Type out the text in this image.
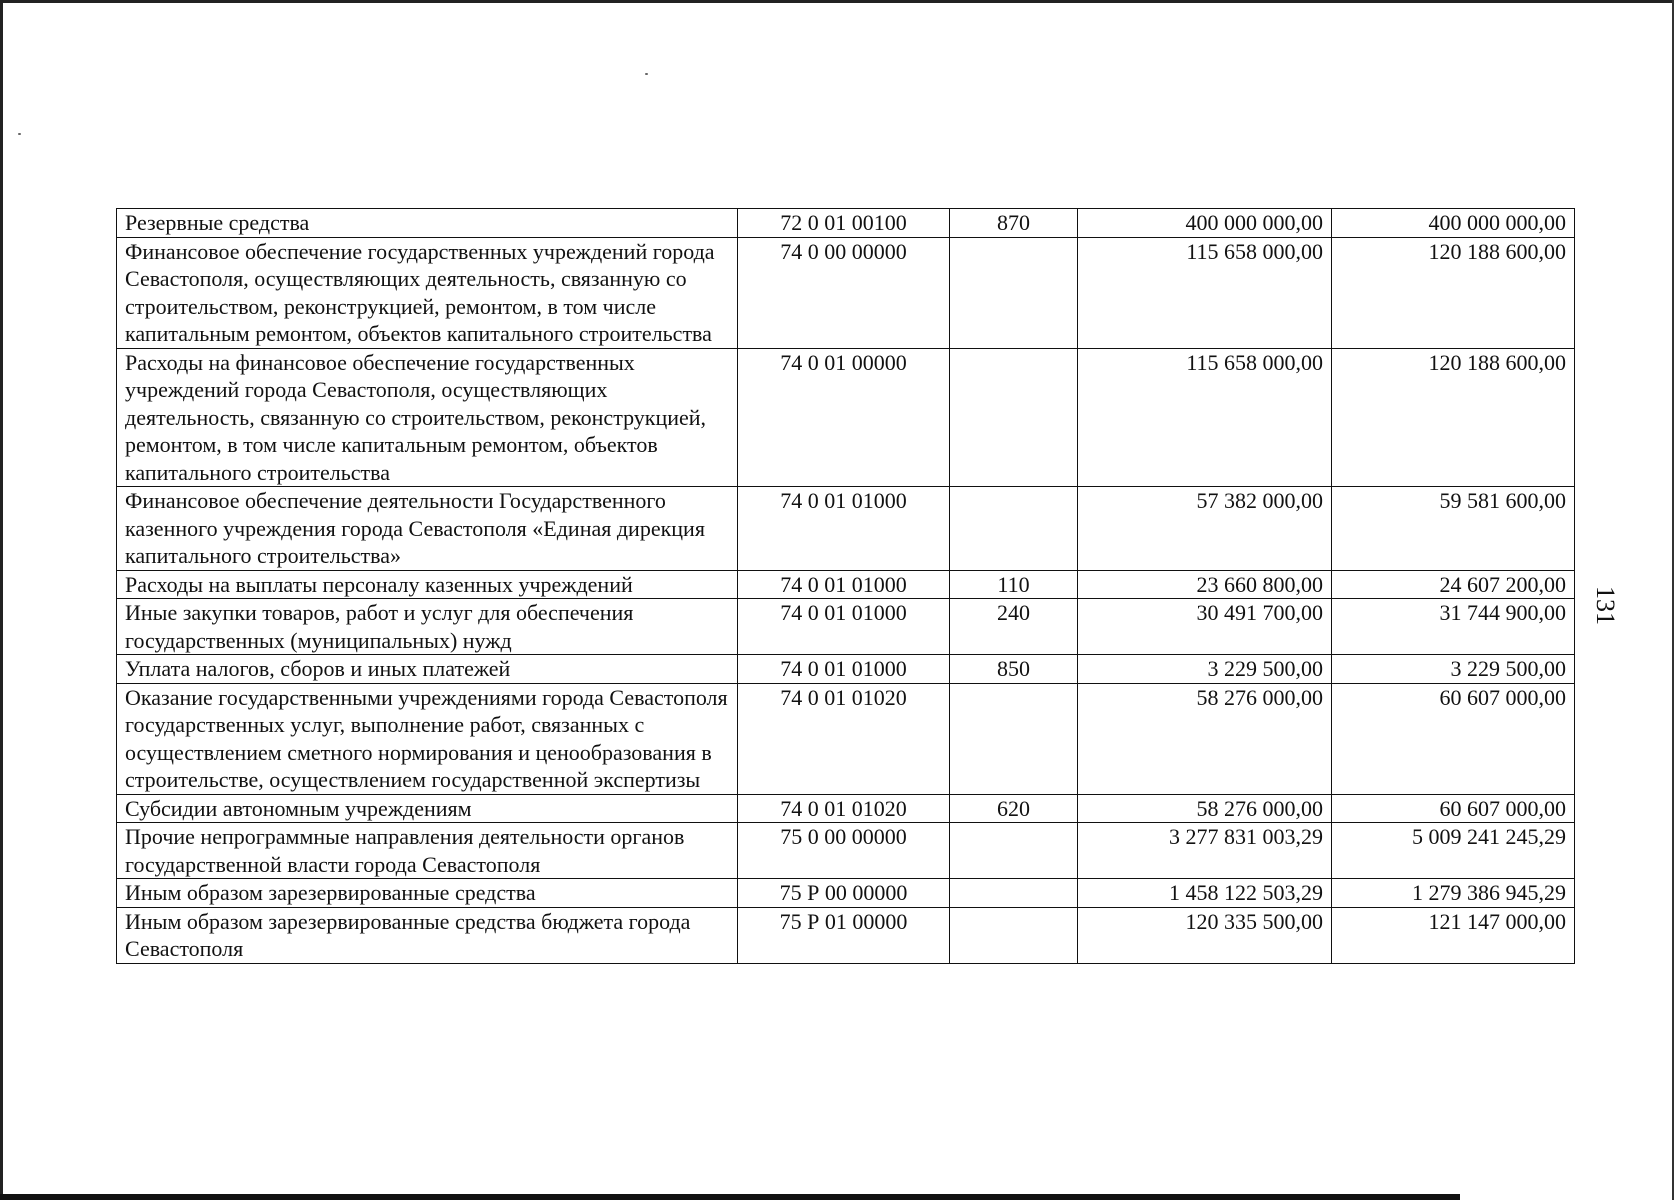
Резервные средства	72 0 01 00100	870	400 000 000,00	400 000 000,00
Финансовое обеспечение государственных учреждений города Севастополя, осуществляющих деятельность, связанную со строительством, реконструкцией, ремонтом, в том числе капитальным ремонтом, объектов капитального строительства	74 0 00 00000		115 658 000,00	120 188 600,00
Расходы на финансовое обеспечение государственных учреждений города Севастополя, осуществляющих деятельность, связанную со строительством, реконструкцией, ремонтом, в том числе капитальным ремонтом, объектов капитального строительства	74 0 01 00000		115 658 000,00	120 188 600,00
Финансовое обеспечение деятельности Государственного казенного учреждения города Севастополя «Единая дирекция капитального строительства»	74 0 01 01000		57 382 000,00	59 581 600,00
Расходы на выплаты персоналу казенных учреждений	74 0 01 01000	110	23 660 800,00	24 607 200,00
Иные закупки товаров, работ и услуг для обеспечения государственных (муниципальных) нужд	74 0 01 01000	240	30 491 700,00	31 744 900,00
Уплата налогов, сборов и иных платежей	74 0 01 01000	850	3 229 500,00	3 229 500,00
Оказание государственными учреждениями города Севастополя государственных услуг, выполнение работ, связанных с осуществлением сметного нормирования и ценообразования в строительстве, осуществлением государственной экспертизы	74 0 01 01020		58 276 000,00	60 607 000,00
Субсидии автономным учреждениям	74 0 01 01020	620	58 276 000,00	60 607 000,00
Прочие непрограммные направления деятельности органов государственной власти города Севастополя	75 0 00 00000		3 277 831 003,29	5 009 241 245,29
Иным образом зарезервированные средства	75 Р 00 00000		1 458 122 503,29	1 279 386 945,29
Иным образом зарезервированные средства бюджета города Севастополя	75 Р 01 00000		120 335 500,00	121 147 000,00
131
